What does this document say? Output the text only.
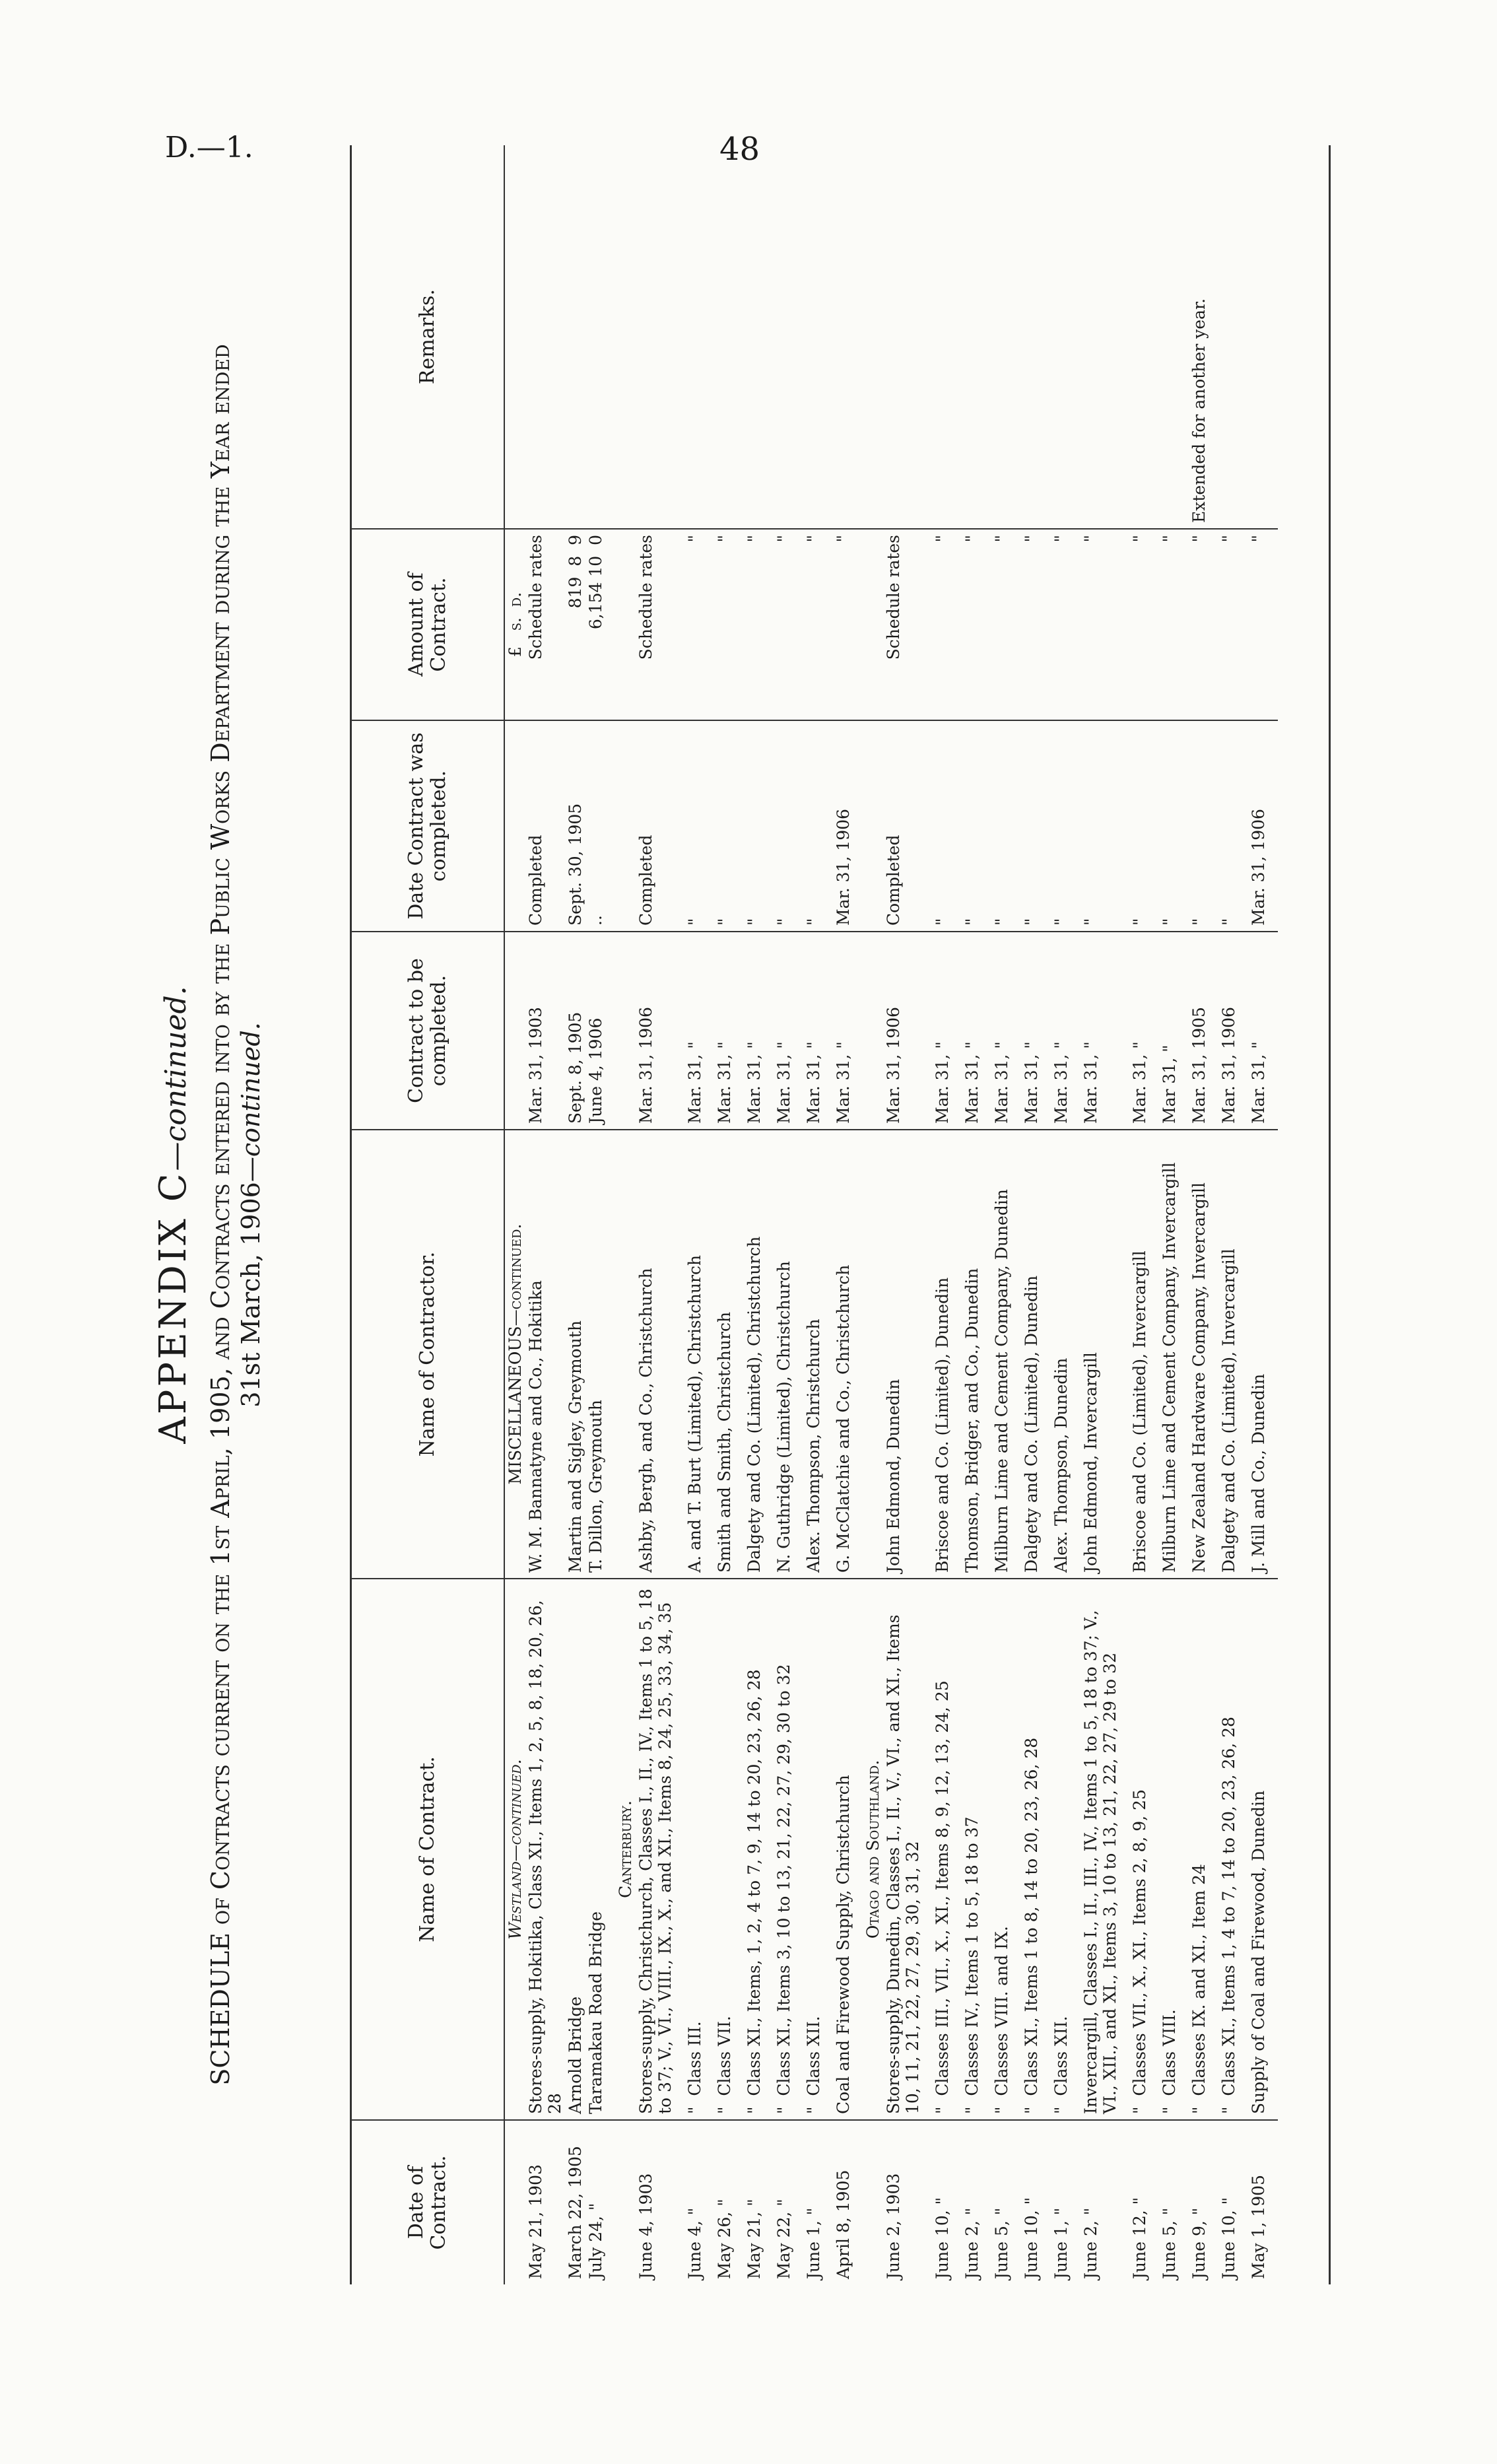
D.—1.	48
APPENDIX C—continued.
SCHEDULE of Contracts current on the 1st April, 1905, and Contracts entered into by the Public Works Department during the Year ended
31st March, 1906—continued.
Date of Contract.
Name of Contract.
Name of Contractor.
Contract to be completed.
Date Contract was completed.
Amount of Contract.
Remarks.
Westland—continued.
MISCELLANEOUS—continued.
£   s.  d.
May 21, 1903
Stores-supply, Hokitika, Class XI., Items 1, 2, 5, 8, 18, 20, 26, 28
W. M. Bannatyne and Co., Hokitika
Mar. 31, 1903
Completed
Schedule rates
March 22, 1905
Arnold Bridge
Martin and Sigley, Greymouth
Sept. 8, 1905
Sept. 30, 1905
819  8  9
July 24, "
Taramakau Road Bridge
T. Dillon, Greymouth
June 4, 1906
..
6,154 10  0
Canterbury.
June 4, 1903
Stores-supply, Christchurch, Classes I., II., IV., Items 1 to 5, 18 to 37; V., VI., VIII., IX., X., and XI., Items 8, 24, 25, 33, 34, 35
Ashby, Bergh, and Co., Christchurch
Mar. 31, 1906
Completed
Schedule rates
June 4, "
"  Class III.
A. and T. Burt (Limited), Christchurch
Mar. 31, "
"
"
May 26, "
"  Class VII.
Smith and Smith, Christchurch
Mar. 31, "
"
"
May 21, "
"  Class XI., Items, 1, 2, 4 to 7, 9, 14 to 20, 23, 26, 28
Dalgety and Co. (Limited), Christchurch
Mar. 31, "
"
"
May 22, "
"  Class XI., Items 3, 10 to 13, 21, 22, 27, 29, 30 to 32
N. Guthridge (Limited), Christchurch
Mar. 31, "
"
"
June 1, "
"  Class XII.
Alex. Thompson, Christchurch
Mar. 31, "
"
"
April 8, 1905
Coal and Firewood Supply, Christchurch
G. McClatchie and Co., Christchurch
Mar. 31, "
Mar. 31, 1906
"
Otago and Southland.
June 2, 1903
Stores-supply, Dunedin, Classes I., II., V., VI., and XI., Items 10, 11, 21, 22, 27, 29, 30, 31, 32
John Edmond, Dunedin
Mar. 31, 1906
Completed
Schedule rates
June 10, "
"  Classes III., VII., X., XI., Items 8, 9, 12, 13, 24, 25
Briscoe and Co. (Limited), Dunedin
Mar. 31, "
"
"
June 2, "
"  Classes IV., Items 1 to 5, 18 to 37
Thomson, Bridger, and Co., Dunedin
Mar. 31, "
"
"
June 5, "
"  Classes VIII. and IX.
Milburn Lime and Cement Company, Dunedin
Mar. 31, "
"
"
June 10, "
"  Class XI., Items 1 to 8, 14 to 20, 23, 26, 28
Dalgety and Co. (Limited), Dunedin
Mar. 31, "
"
"
June 1, "
"  Class XII.
Alex. Thompson, Dunedin
Mar. 31, "
"
"
June 2, "
Invercargill, Classes I., II., III., IV., Items 1 to 5, 18 to 37; V., VI., XII., and XI., Items 3, 10 to 13, 21, 22, 27, 29 to 32
John Edmond, Invercargill
Mar. 31, "
"
"
June 12, "
"  Classes VII., X., XI., Items 2, 8, 9, 25
Briscoe and Co. (Limited), Invercargill
Mar. 31, "
"
"
June 5, "
"  Class VIII.
Milburn Lime and Cement Company, Invercargill
Mar 31, "
"
"
June 9, "
"  Classes IX. and XI., Item 24
New Zealand Hardware Company, Invercargill
Mar. 31, 1905
"
"
Extended for another year.
June 10, "
"  Class XI., Items 1, 4 to 7, 14 to 20, 23, 26, 28
Dalgety and Co. (Limited), Invercargill
Mar. 31, 1906
"
"
May 1, 1905
Supply of Coal and Firewood, Dunedin
J. Mill and Co., Dunedin
Mar. 31, "
Mar. 31, 1906
"
